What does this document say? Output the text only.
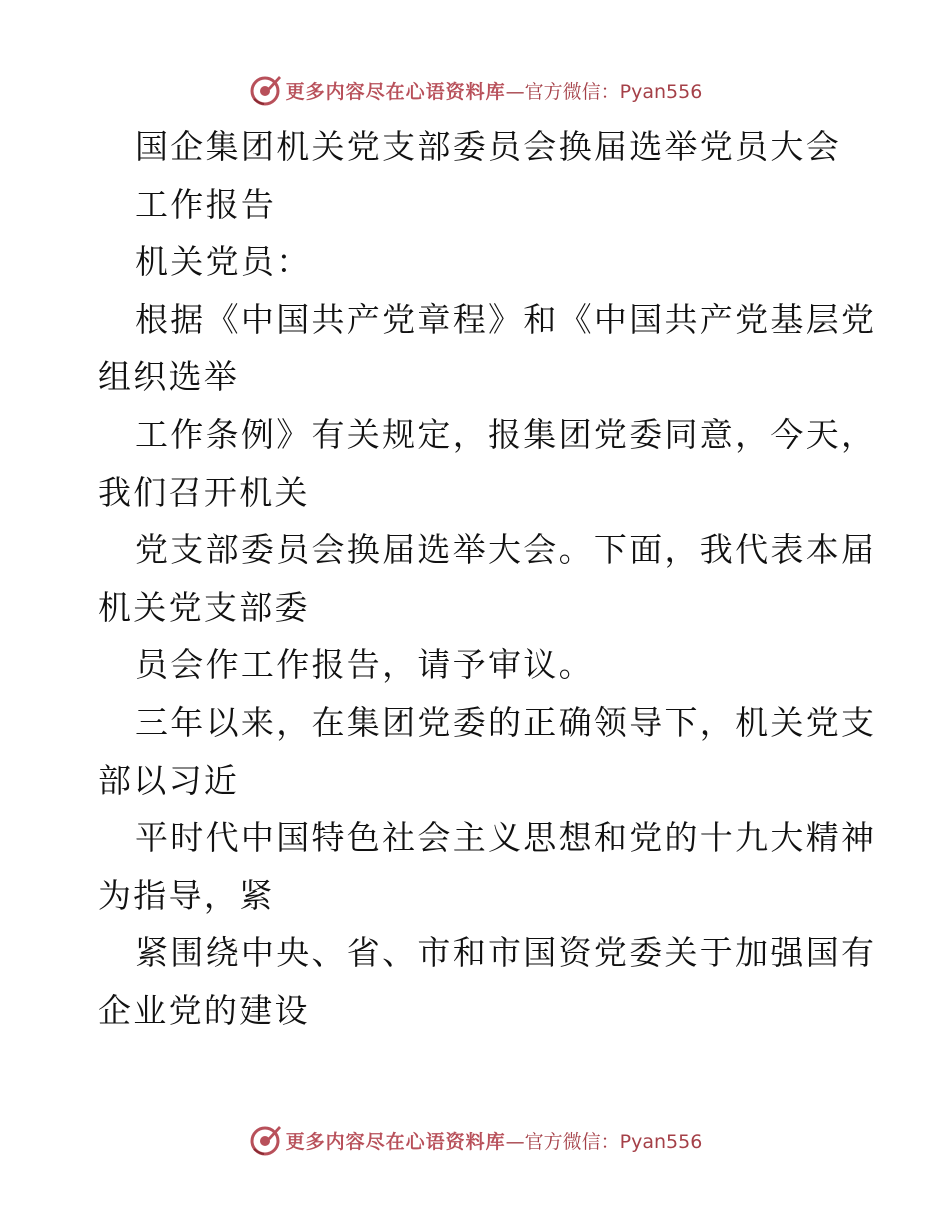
更多内容尽在心语资料库 —官方微信：Pyan556
国企集团机关党支部委员会换届选举党员大会
工作报告
机关党员：
根据《中国共产党章程》和《中国共产党基层党
组织选举
工作条例》有关规定，报集团党委同意，今天，
我们召开机关
党支部委员会换届选举大会。下面，我代表本届
机关党支部委
员会作工作报告，请予审议。
三年以来，在集团党委的正确领导下，机关党支
部以习近
平时代中国特色社会主义思想和党的十九大精神
为指导，紧
紧围绕中央、省、市和市国资党委关于加强国有
企业党的建设
更多内容尽在心语资料库 —官方微信：Pyan556
